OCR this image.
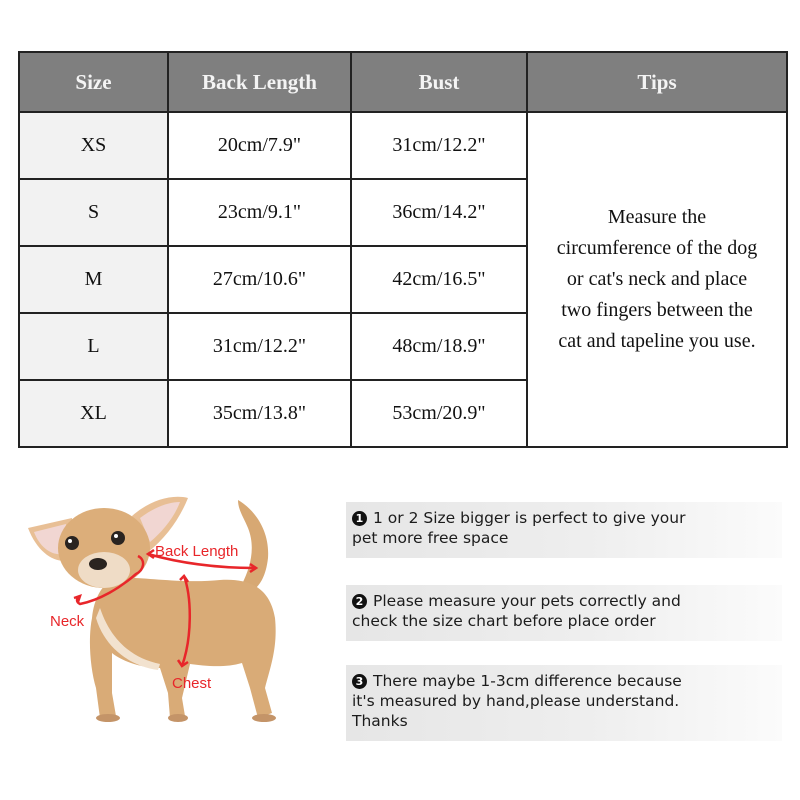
Size	Back Length	Bust	Tips
XS	20cm/7.9"	31cm/12.2"	Measure the
circumference of the dog
or cat's neck and place
two fingers between the
cat and tapeline you use.
S	23cm/9.1"	36cm/14.2"	
M	27cm/10.6"	42cm/16.5"	
L	31cm/12.2"	48cm/18.9"	
XL	35cm/13.8"	53cm/20.9"	
Back Length
Neck
Chest
1 1 or 2 Size bigger is perfect to give your
pet more free space
2 Please measure your pets correctly and
check the size chart before place order
3 There maybe 1-3cm difference because
it's measured by hand,please understand.
Thanks
